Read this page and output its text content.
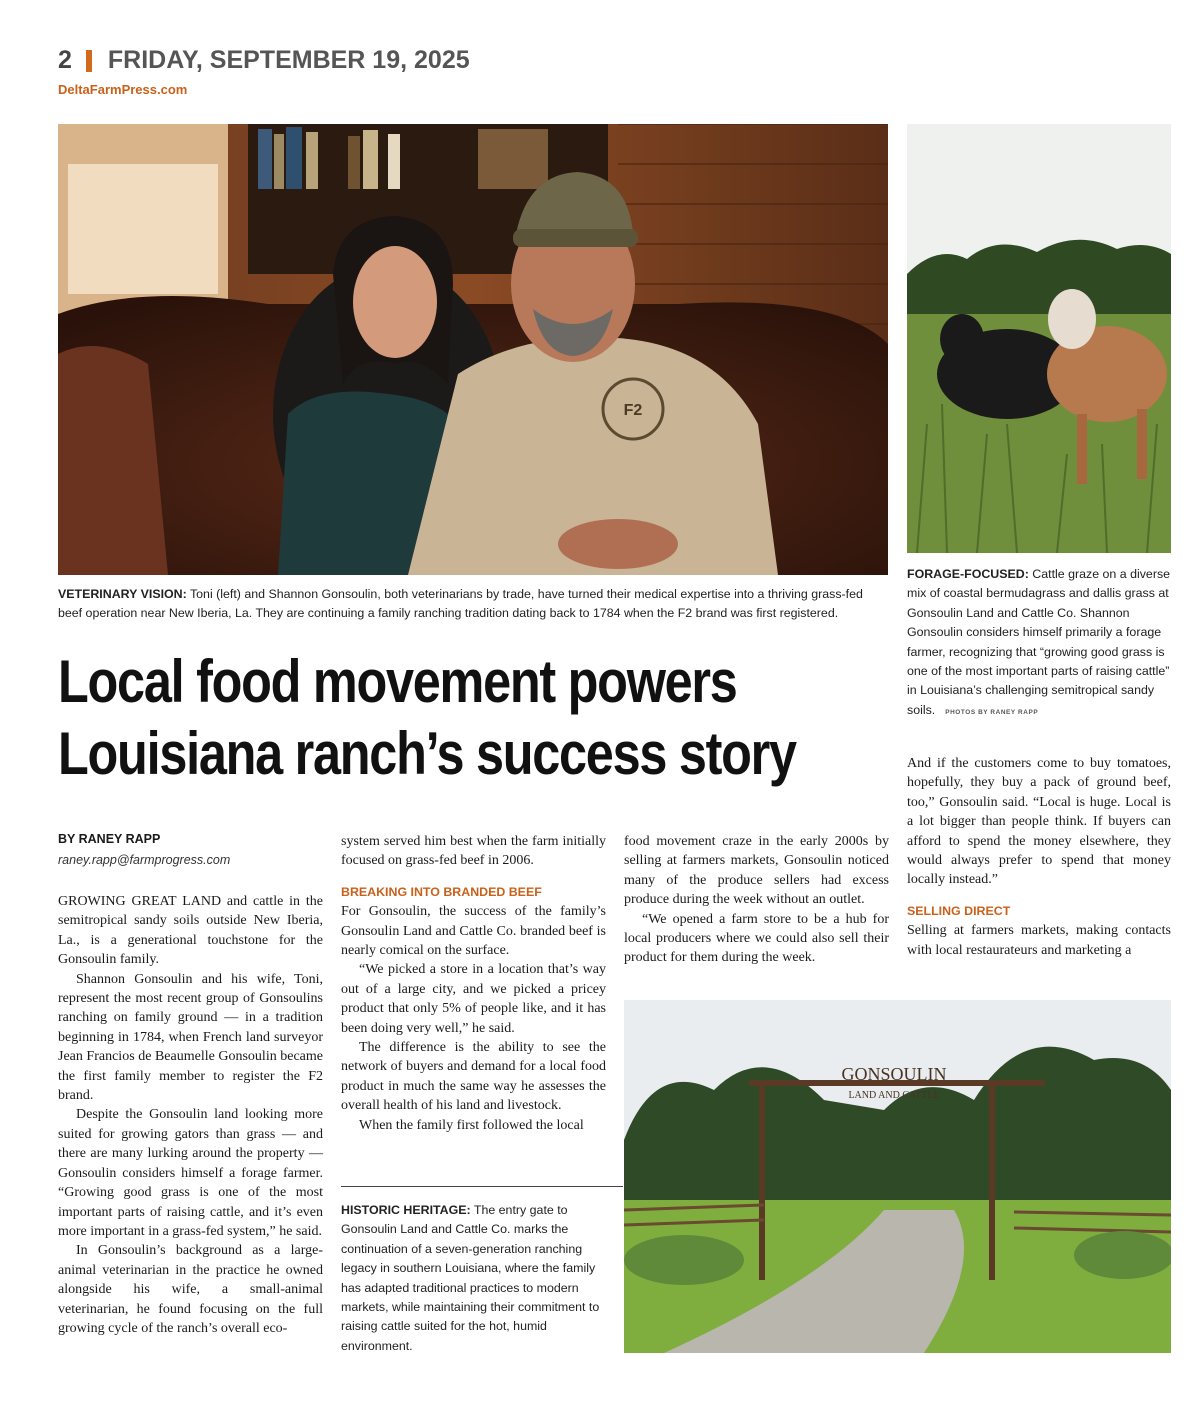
2 FRIDAY, SEPTEMBER 19, 2025
DeltaFarmPress.com
F2
VETERINARY VISION: Toni (left) and Shannon Gonsoulin, both veterinarians by trade, have turned their medical expertise into a thriving grass-fed beef operation near New Iberia, La. They are continuing a family ranching tradition dating back to 1784 when the F2 brand was first registered.
FORAGE-FOCUSED: Cattle graze on a diverse mix of coastal bermudagrass and dallis grass at Gonsoulin Land and Cattle Co. Shannon Gonsoulin considers himself primarily a forage farmer, recognizing that “growing good grass is one of the most important parts of raising cattle” in Louisiana’s challenging semitropical sandy soils. PHOTOS BY RANEY RAPP
Local food movement powers
Louisiana ranch’s success story
BY RANEY RAPP
raney.rapp@farmprogress.com

GROWING GREAT LAND and cattle in the semitropical sandy soils outside New Iberia, La., is a generational touchstone for the Gonsoulin family.

Shannon Gonsoulin and his wife, Toni, represent the most recent group of Gonsoulins ranching on family ground — in a tradition beginning in 1784, when French land surveyor Jean Francios de Beaumelle Gonsoulin became the first family member to register the F2 brand.

Despite the Gonsoulin land looking more suited for growing gators than grass — and there are many lurking around the property — Gonsoulin considers himself a forage farmer. “Growing good grass is one of the most important parts of raising cattle, and it’s even more important in a grass-fed system,” he said.

In Gonsoulin’s background as a large-animal veterinarian in the practice he owned alongside his wife, a small-animal veterinarian, he found focusing on the full growing cycle of the ranch’s overall eco-

system served him best when the farm initially focused on grass-fed beef in 2006.

BREAKING INTO BRANDED BEEF

For Gonsoulin, the success of the family’s Gonsoulin Land and Cattle Co. branded beef is nearly comical on the surface.

“We picked a store in a location that’s way out of a large city, and we picked a pricey product that only 5% of people like, and it has been doing very well,” he said.

The difference is the ability to see the network of buyers and demand for a local food product in much the same way he assesses the overall health of his land and livestock.

When the family first followed the local

HISTORIC HERITAGE: The entry gate to Gonsoulin Land and Cattle Co. marks the continuation of a seven-generation ranching legacy in southern Louisiana, where the family has adapted traditional practices to modern markets, while maintaining their commitment to raising cattle suited for the hot, humid environment.

food movement craze in the early 2000s by selling at farmers markets, Gonsoulin noticed many of the produce sellers had excess produce during the week without an outlet.

“We opened a farm store to be a hub for local producers where we could also sell their product for them during the week.

And if the customers come to buy tomatoes, hopefully, they buy a pack of ground beef, too,” Gonsoulin said. “Local is huge. Local is a lot bigger than people think. If buyers can afford to spend the money elsewhere, they would always prefer to spend that money locally instead.”

SELLING DIRECT

Selling at farmers markets, making contacts with local restaurateurs and marketing a

GONSOULIN
LAND AND CATTLE
